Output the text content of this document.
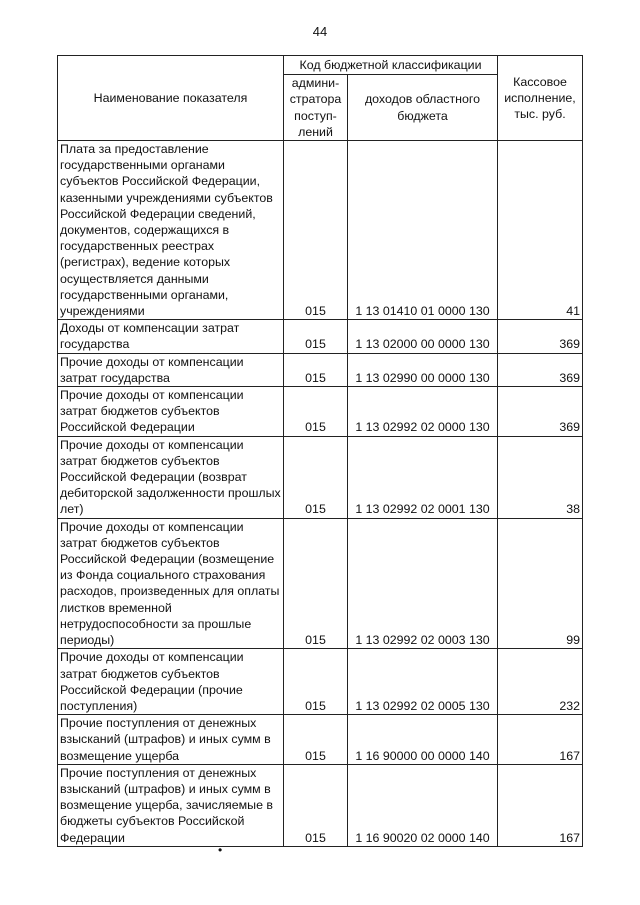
44
Наименование показателя	Код бюджетной классификации		Кассовое исполнение, тыс. руб.
	админи- стратора поступ- лений	доходов областного бюджета	
Плата за предоставление государственными органами субъектов Российской Федерации, казенными учреждениями субъектов Российской Федерации сведений, документов, содержащихся в государственных реестрах (регистрах), ведение которых осуществляется данными государственными органами, учреждениями	015	1 13 01410 01 0000 130	41
Доходы от компенсации затрат государства	015	1 13 02000 00 0000 130	369
Прочие доходы от компенсации затрат государства	015	1 13 02990 00 0000 130	369
Прочие доходы от компенсации затрат бюджетов субъектов Российской Федерации	015	1 13 02992 02 0000 130	369
Прочие доходы от компенсации затрат бюджетов субъектов Российской Федерации (возврат дебиторской задолженности прошлых лет)	015	1 13 02992 02 0001 130	38
Прочие доходы от компенсации затрат бюджетов субъектов Российской Федерации (возмещение из Фонда социального страхования расходов, произведенных для оплаты листков временной нетрудоспособности за прошлые периоды)	015	1 13 02992 02 0003 130	99
Прочие доходы от компенсации затрат бюджетов субъектов Российской Федерации (прочие поступления)	015	1 13 02992 02 0005 130	232
Прочие поступления от денежных взысканий (штрафов) и иных сумм в возмещение ущерба	015	1 16 90000 00 0000 140	167
Прочие поступления от денежных взысканий (штрафов) и иных сумм в возмещение ущерба, зачисляемые в бюджеты субъектов Российской Федерации	015	1 16 90020 02 0000 140	167
•
